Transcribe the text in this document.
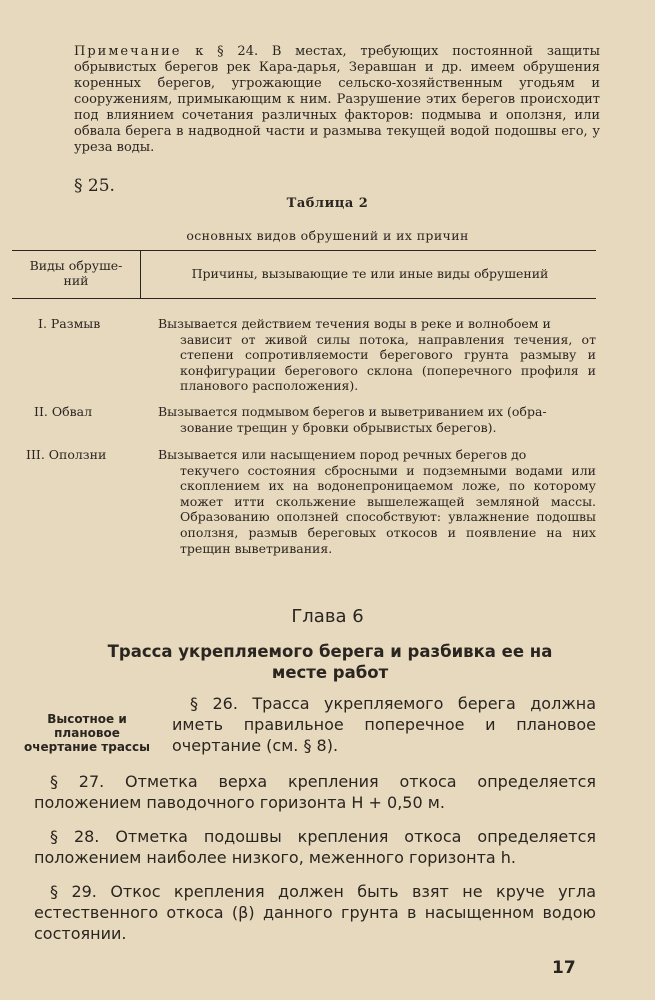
Примечание к § 24. В местах, требующих постоянной защиты обрывистых берегов рек Кара-дарья, Зеравшан и др. имеем обрушения коренных берегов, угрожающие сельско-хозяйственным угодьям и сооружениям, примыкающим к ним. Разрушение этих берегов происходит под влиянием сочетания различных факторов: подмыва и оползня, или обвала берега в надводной части и размыва текущей водой подошвы его, у уреза воды.
§ 25.
Таблица 2
основных видов обрушений и их причин
Виды обруше-
ний	Причины, вызывающие те или иные виды обрушений
I. Размыв	Вызывается действием течения воды в реке и волнобоем и
зависит от живой силы потока, направления течения, от степени сопротивляемости берегового грунта размыву и конфигурации берегового склона (поперечного профиля и планового расположения).
II. Обвал	Вызывается подмывом берегов и выветриванием их (обра-
зование трещин у бровки обрывистых берегов).
III. Оползни	Вызывается или насыщением пород речных берегов до
текучего состояния сбросными и подземными водами или скоплением их на водонепроницаемом ложе, по которому может итти скольжение вышележащей земляной массы. Образованию оползней способствуют: увлажнение подошвы оползня, размыв береговых откосов и появление на них трещин выветривания.
Глава 6
Трасса укрепляемого берега и разбивка ее на месте работ
Высотное и плановое очертание трассы
§ 26. Трасса укрепляемого берега должна иметь правильное поперечное и плановое очертание (см. § 8).
§ 27. Отметка верха крепления откоса определяется положением паводочного горизонта H + 0,50 м.
§ 28. Отметка подошвы крепления откоса определяется положением наиболее низкого, меженного горизонта h.
§ 29. Откос крепления должен быть взят не круче угла естественного откоса (β) данного грунта в насыщенном водою состоянии.
17
